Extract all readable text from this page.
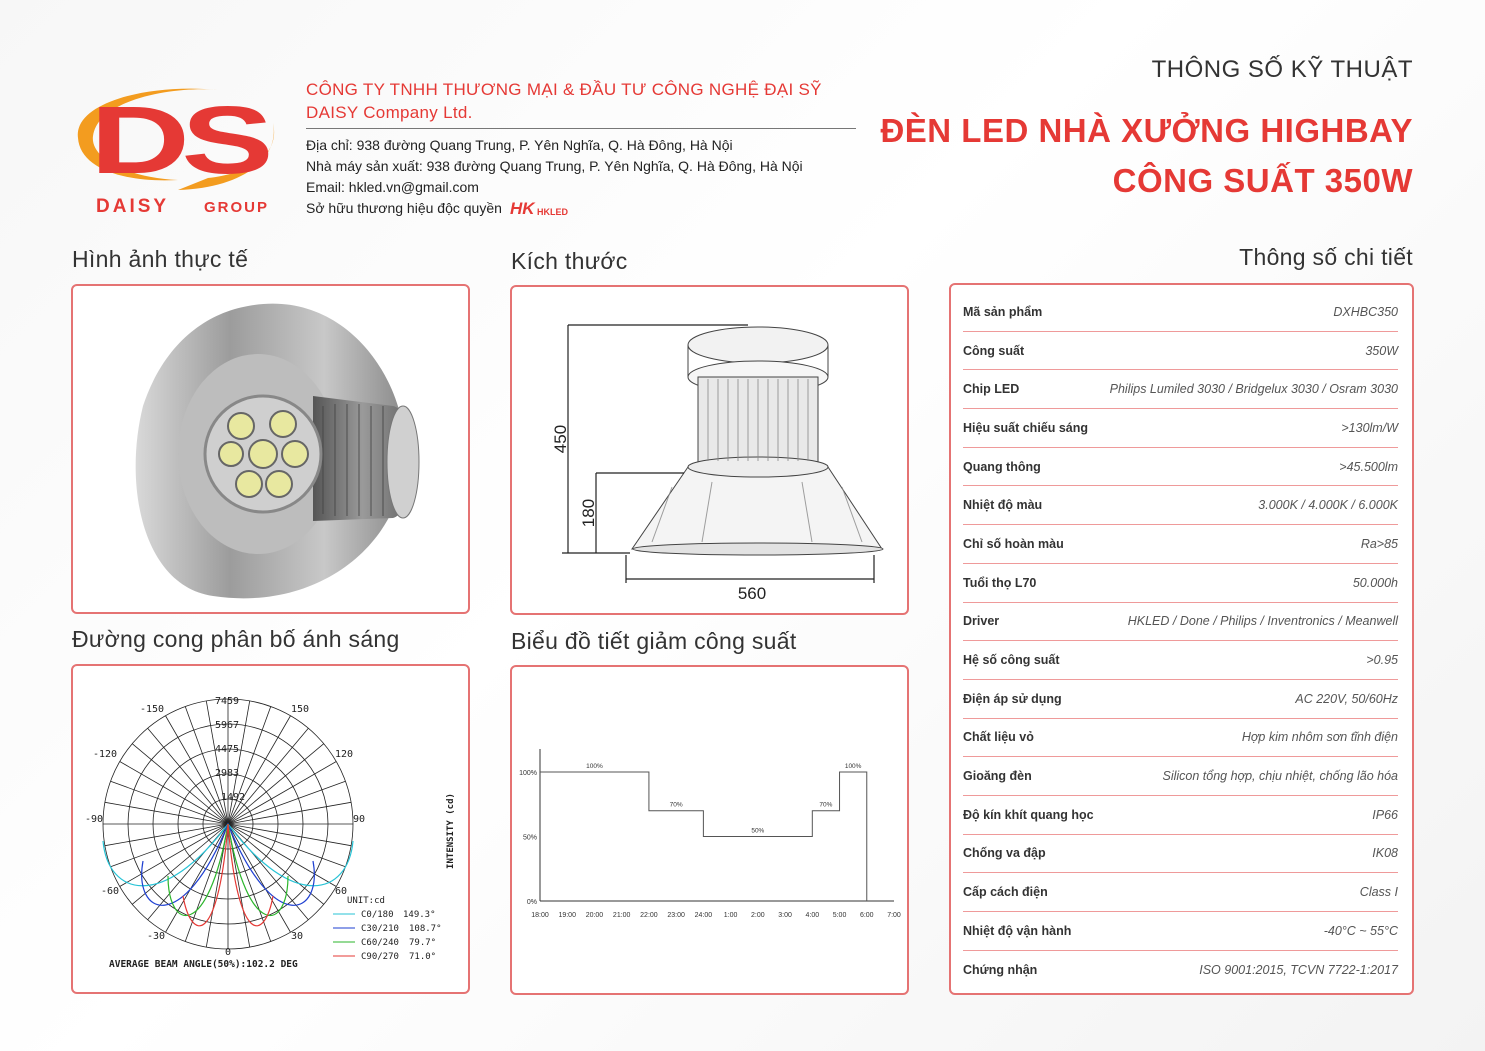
DS
DAISY GROUP
CÔNG TY TNHH THƯƠNG MẠI & ĐẦU TƯ CÔNG NGHỆ ĐẠI SỸ
DAISY Company Ltd.
Địa chỉ: 938 đường Quang Trung, P. Yên Nghĩa, Q. Hà Đông, Hà Nội
Nhà máy sản xuất: 938 đường Quang Trung, P. Yên Nghĩa, Q. Hà Đông, Hà Nội
Email: hkled.vn@gmail.com
Sở hữu thương hiệu độc quyền HK HKLED
THÔNG SỐ KỸ THUẬT
ĐÈN LED NHÀ XƯỞNG HIGHBAY
CÔNG SUẤT 350W
Hình ảnh thực tế	Kích thước	Thông số chi tiết
Đường cong phân bố ánh sáng	Biểu đồ tiết giảm công suất
450
180
560
-150	150
-120	120
-90	90
-60	60
-30	30
0
7459
5967
4475
2983
1492	INTENSITY (cd)
UNIT:cd
C0/180 149.3°
C30/210 108.7°
C60/240 79.7°
C90/270 71.0°
AVERAGE BEAM ANGLE(50%):102.2 DEG
100%
50%
0%
18:00 19:00 20:00 21:00 22:00 23:00 24:00 1:00 2:00 3:00 4:00 5:00 6:00 7:00
100%
70%
50%
70%
100%
Mã sản phẩm	DXHBC350
Công suất	350W
Chip LED	Philips Lumiled 3030 / Bridgelux 3030 / Osram 3030
Hiệu suất chiếu sáng	>130lm/W
Quang thông	>45.500lm
Nhiệt độ màu	3.000K / 4.000K / 6.000K
Chỉ số hoàn màu	Ra>85
Tuổi thọ L70	50.000h
Driver	HKLED / Done / Philips / Inventronics / Meanwell
Hệ số công suất	>0.95
Điện áp sử dụng	AC 220V, 50/60Hz
Chất liệu vỏ	Hợp kim nhôm sơn tĩnh điện
Gioăng đèn	Silicon tổng hợp, chịu nhiệt, chống lão hóa
Độ kín khít quang học	IP66
Chống va đập	IK08
Cấp cách điện	Class I
Nhiệt độ vận hành	-40°C ~ 55°C
Chứng nhận	ISO 9001:2015, TCVN 7722-1:2017
